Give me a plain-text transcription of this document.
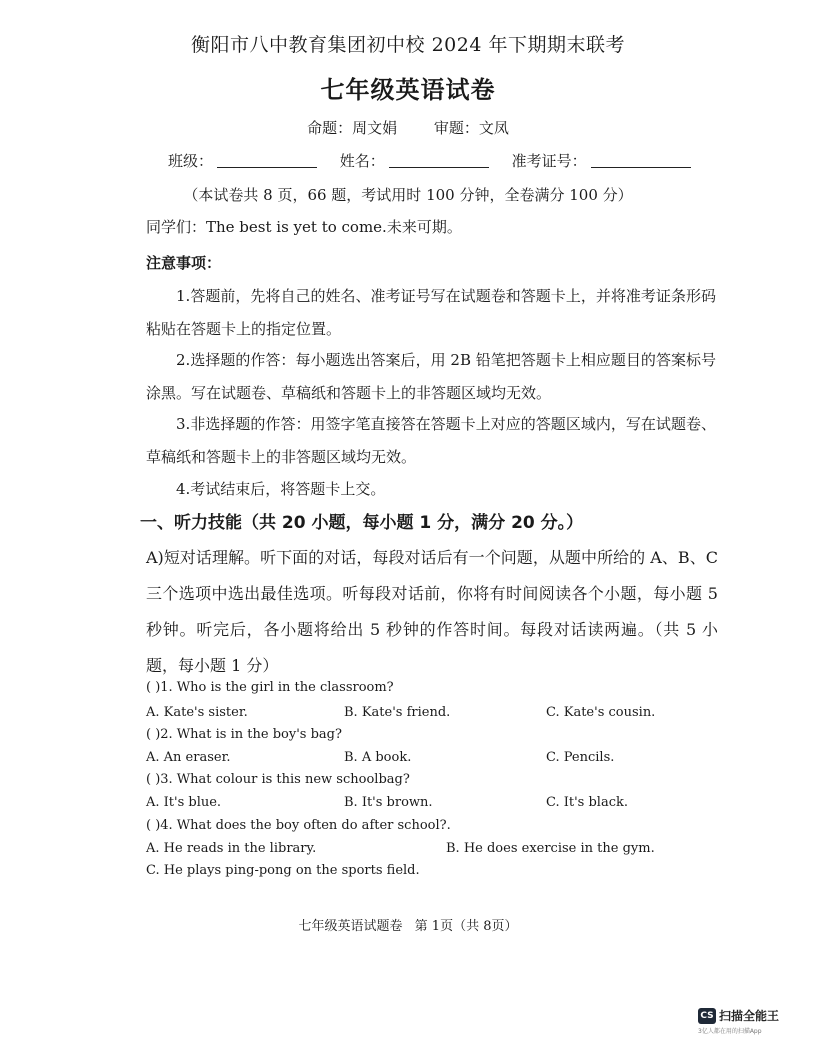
衡阳市八中教育集团初中校 2024 年下期期末联考
七年级英语试卷
命题：周文娟 审题：文凤
班级：	姓名：	准考证号：
（本试卷共 8 页，66 题，考试用时 100 分钟，全卷满分 100 分）
同学们：The best is yet to come.未来可期。
注意事项：
1.答题前，先将自己的姓名、准考证号写在试题卷和答题卡上，并将准考证条形码粘贴在答题卡上的指定位置。
2.选择题的作答：每小题选出答案后，用 2B 铅笔把答题卡上相应题目的答案标号涂黑。写在试题卷、草稿纸和答题卡上的非答题区域均无效。
3.非选择题的作答：用签字笔直接答在答题卡上对应的答题区域内，写在试题卷、草稿纸和答题卡上的非答题区域均无效。
4.考试结束后，将答题卡上交。
一、听力技能（共 20 小题，每小题 1 分，满分 20 分。）
A)短对话理解。听下面的对话，每段对话后有一个问题，从题中所给的 A、B、C 三个选项中选出最佳选项。听每段对话前，你将有时间阅读各个小题，每小题 5 秒钟。听完后，各小题将给出 5 秒钟的作答时间。每段对话读两遍。（共 5 小题，每小题 1 分）
( )1. Who is the girl in the classroom?
A. Kate's sister.	B. Kate's friend.	C. Kate's cousin.
( )2. What is in the boy's bag?
A. An eraser.	B. A book.	C. Pencils.
( )3. What colour is this new schoolbag?
A. It's blue.	B. It's brown.	C. It's black.
( )4. What does the boy often do after school?.
A. He reads in the library.	B. He does exercise in the gym.
C. He plays ping-pong on the sports field.
七年级英语试题卷 第 1页（共 8页）
CS 扫描全能王
3亿人都在用的扫描App
